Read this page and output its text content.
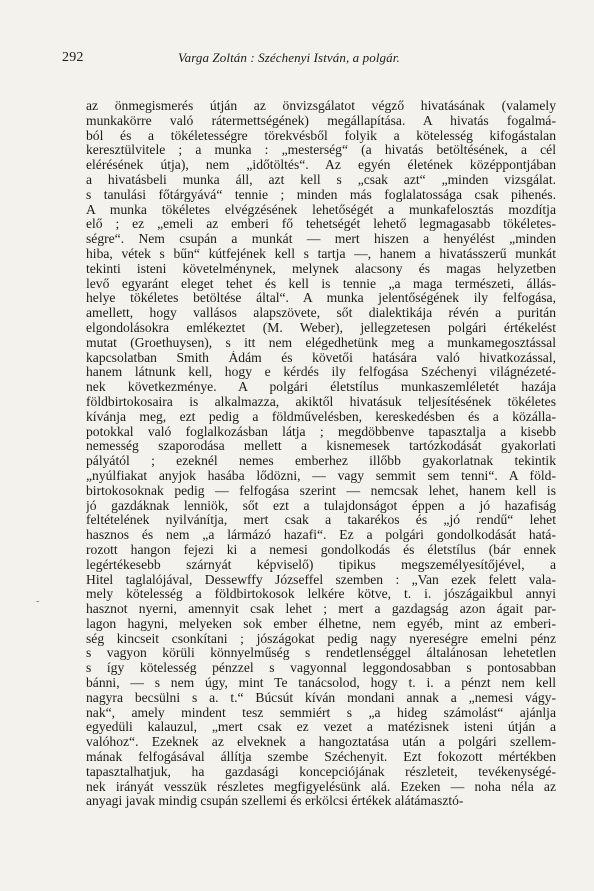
292	Varga Zoltán : Széchenyi István, a polgár.
˜
az önmegismerés útján az önvizsgálatot végző hivatásának (valamely
munkakörre való rátermettségének) megállapítása. A hivatás fogalmá-
ból és a tökéletességre törekvésből folyik a kötelesség kifogástalan
keresztülvitele ; a munka : „mesterség“ (a hivatás betöltésének, a cél
elérésének útja), nem „időtöltés“. Az egyén életének középpontjában
a hivatásbeli munka áll, azt kell s „csak azt“ „minden vizsgálat.
s tanulási főtárgyává“ tennie ; minden más foglalatossága csak pihenés.
A munka tökéletes elvégzésének lehetőségét a munkafelosztás mozdítja
elő ; ez „emeli az emberi fő tehetségét lehető legmagasabb tökéletes-
ségre“. Nem csupán a munkát — mert hiszen a henyélést „minden
hiba, vétek s bűn“ kútfejének kell s tartja —, hanem a hivatásszerű munkát
tekinti isteni követelménynek, melynek alacsony és magas helyzetben
levő egyaránt eleget tehet és kell is tennie „a maga természeti, állás-
helye tökéletes betöltése által“. A munka jelentőségének ily felfogása,
amellett, hogy vallásos alapszövete, sőt dialektikája révén a puritán
elgondolásokra emlékeztet (M. Weber), jellegzetesen polgári értékelést
mutat (Groethuysen), s itt nem elégedhetünk meg a munkamegosztással
kapcsolatban Smith Ádám és követői hatására való hivatkozással,
hanem látnunk kell, hogy e kérdés ily felfogása Széchenyi világnézeté-
nek következménye. A polgári életstílus munkaszemléletét hazája
földbirtokosaira is alkalmazza, akiktől hivatásuk teljesítésének tökéletes
kívánja meg, ezt pedig a földművelésben, kereskedésben és a közálla-
potokkal való foglalkozásban látja ; megdöbbenve tapasztalja a kisebb
nemesség szaporodása mellett a kisnemesek tartózkodását gyakorlati
pályától ; ezeknél nemes emberhez illőbb gyakorlatnak tekintik
„nyúlfiakat anyjok hasába lődözni, — vagy semmit sem tenni“. A föld-
birtokosoknak pedig — felfogása szerint — nemcsak lehet, hanem kell is
jó gazdáknak lenniök, sőt ezt a tulajdonságot éppen a jó hazafiság
feltételének nyilvánítja, mert csak a takarékos és „jó rendű“ lehet
hasznos és nem „a lármázó hazafi“. Ez a polgári gondolkodását hatá-
rozott hangon fejezi ki a nemesi gondolkodás és életstílus (bár ennek
legértékesebb szárnyát képviselő) tipikus megszemélyesítőjével, a
Hitel taglalójával, Dessewffy Józseffel szemben : „Van ezek felett vala-
mely kötelesség a földbirtokosok lelkére kötve, t. i. jószágaikbul annyi
hasznot nyerni, amennyit csak lehet ; mert a gazdagság azon ágait par-
lagon hagyni, melyeken sok ember élhetne, nem egyéb, mint az emberi-
ség kincseit csonkítani ; jószágokat pedig nagy nyereségre emelni pénz
s vagyon körüli könnyelműség s rendetlenséggel általánosan lehetetlen
s így kötelesség pénzzel s vagyonnal leggondosabban s pontosabban
bánni, — s nem úgy, mint Te tanácsolod, hogy t. i. a pénzt nem kell
nagyra becsülni s a. t.“ Búcsút kíván mondani annak a „nemesi vágy-
nak“, amely mindent tesz semmiért s „a hideg számolást“ ajánlja
egyedüli kalauzul, „mert csak ez vezet a matézisnek isteni útján a
valóhoz“. Ezeknek az elveknek a hangoztatása után a polgári szellem-
mának felfogásával állítja szembe Széchenyit. Ezt fokozott mértékben
tapasztalhatjuk, ha gazdasági koncepciójának részleteit, tevékenységé-
nek irányát vesszük részletes megfigyelésünk alá. Ezeken — noha néla az
anyagi javak mindig csupán szellemi és erkölcsi értékek alátámasztó-
